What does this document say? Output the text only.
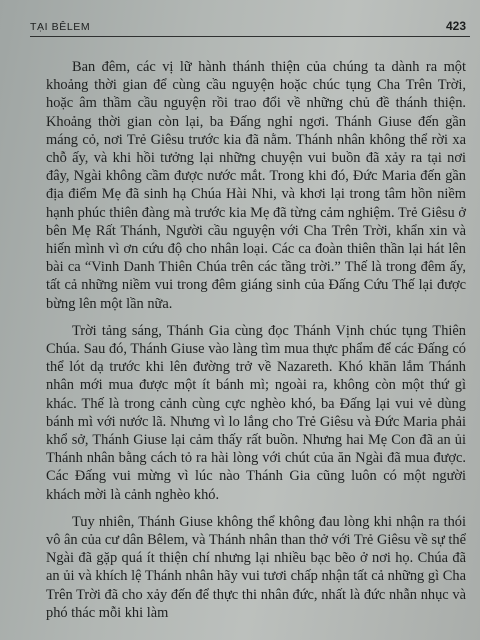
TẠI BÊLEM	423

Ban đêm, các vị lữ hành thánh thiện của chúng ta dành ra một khoảng thời gian để cùng cầu nguyện hoặc chúc tụng Cha Trên Trời, hoặc âm thầm cầu nguyện rồi trao đổi về những chủ đề thánh thiện. Khoảng thời gian còn lại, ba Đấng nghỉ ngơi. Thánh Giuse đến gần máng cỏ, nơi Trẻ Giêsu trước kia đã nằm. Thánh nhân không thể rời xa chỗ ấy, và khi hồi tưởng lại những chuyện vui buồn đã xảy ra tại nơi đây, Ngài không cầm được nước mắt. Trong khi đó, Đức Maria đến gần địa điểm Mẹ đã sinh hạ Chúa Hài Nhi, và khơi lại trong tâm hồn niềm hạnh phúc thiên đàng mà trước kia Mẹ đã từng cảm nghiệm. Trẻ Giêsu ở bên Mẹ Rất Thánh, Người cầu nguyện với Cha Trên Trời, khẩn xin và hiến mình vì ơn cứu độ cho nhân loại. Các ca đoàn thiên thần lại hát lên bài ca “Vinh Danh Thiên Chúa trên các tầng trời.” Thế là trong đêm ấy, tất cả những niềm vui trong đêm giáng sinh của Đấng Cứu Thế lại được bừng lên một lần nữa.

Trời tảng sáng, Thánh Gia cùng đọc Thánh Vịnh chúc tụng Thiên Chúa. Sau đó, Thánh Giuse vào làng tìm mua thực phẩm để các Đấng có thể lót dạ trước khi lên đường trở về Nazareth. Khó khăn lắm Thánh nhân mới mua được một ít bánh mì; ngoài ra, không còn một thứ gì khác. Thế là trong cảnh cùng cực nghèo khó, ba Đấng lại vui vẻ dùng bánh mì với nước lã. Nhưng vì lo lắng cho Trẻ Giêsu và Đức Maria phải khổ sở, Thánh Giuse lại cảm thấy rất buồn. Nhưng hai Mẹ Con đã an ủi Thánh nhân bằng cách tỏ ra hài lòng với chút của ăn Ngài đã mua được. Các Đấng vui mừng vì lúc nào Thánh Gia cũng luôn có một người khách mời là cảnh nghèo khó.

Tuy nhiên, Thánh Giuse không thể không đau lòng khi nhận ra thói vô ân của cư dân Bêlem, và Thánh nhân than thở với Trẻ Giêsu về sự thể Ngài đã gặp quá ít thiện chí nhưng lại nhiều bạc bẽo ở nơi họ. Chúa đã an ủi và khích lệ Thánh nhân hãy vui tươi chấp nhận tất cả những gì Cha Trên Trời đã cho xảy đến để thực thi nhân đức, nhất là đức nhẫn nhục và phó thác mỗi khi làm
